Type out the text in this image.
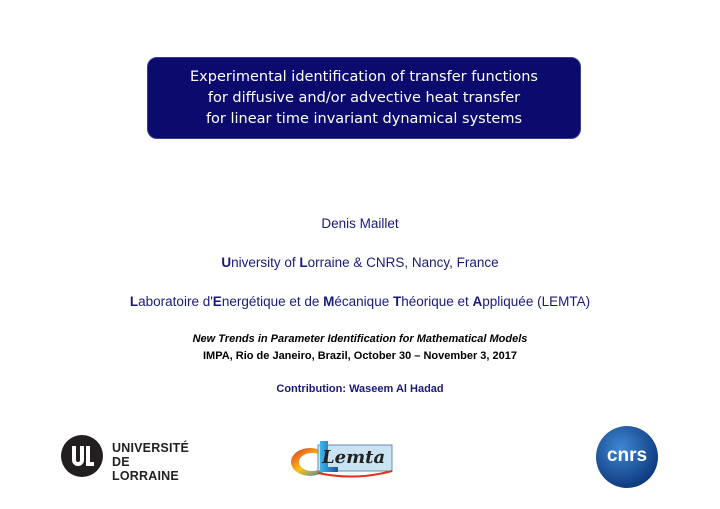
Experimental identification of transfer functions
for diffusive and/or advective heat transfer
for linear time invariant dynamical systems
Denis Maillet
University of Lorraine & CNRS, Nancy, France
Laboratoire d'Energétique et de Mécanique Théorique et Appliquée (LEMTA)
New Trends in Parameter Identification for Mathematical Models
IMPA, Rio de Janeiro, Brazil, October 30 – November 3, 2017
Contribution: Waseem Al Hadad
UNIVERSITÉ
DE LORRAINE
Lemta	cnrs
